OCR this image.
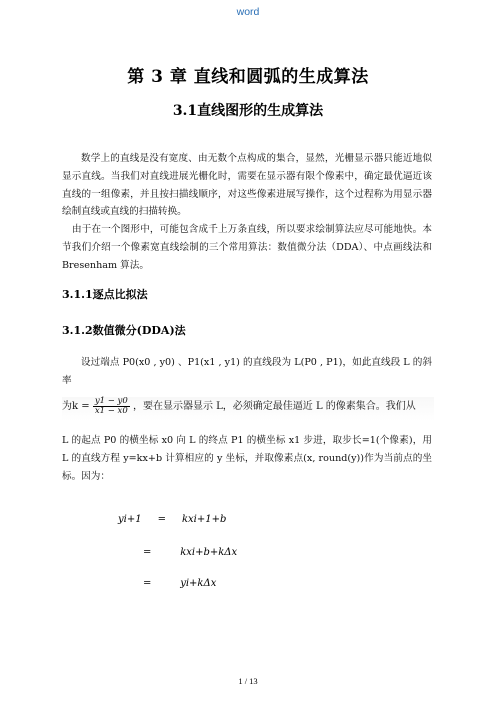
word
第 3 章 直线和圆弧的生成算法
3.1直线图形的生成算法
数学上的直线是没有宽度、由无数个点构成的集合，显然，光栅显示器只能近地似显示直线。当我们对直线进展光栅化时，需要在显示器有限个像素中，确定最优逼近该直线的一组像素，并且按扫描线顺序，对这些像素进展写操作，这个过程称为用显示器绘制直线或直线的扫描转换。
由于在一个图形中，可能包含成千上万条直线，所以要求绘制算法应尽可能地快。本节我们介绍一个像素宽直线绘制的三个常用算法：数值微分法（DDA）、中点画线法和 Bresenham 算法。
3.1.1逐点比拟法
3.1.2数值微分(DDA)法
设过端点 P0(x0 , y0) 、P1(x1 , y1) 的直线段为 L(P0 , P1)，如此直线段 L 的斜率
为$k = \frac{y1 - y0}{x1 - x0}$ ，要在显示器显示 L，必须确定最佳逼近 L 的像素集合。我们从
L 的起点 P0 的横坐标 x0 向 L 的终点 P1 的横坐标 x1 步进，取步长=1(个像素)，用 L 的直线方程 y=kx+b 计算相应的 y 坐标，并取像素点(x, round(y))作为当前点的坐标。因为：
yi+1 = kxi+1+b
=	kxi+b+kΔx
=	yi+kΔx
1 / 13
